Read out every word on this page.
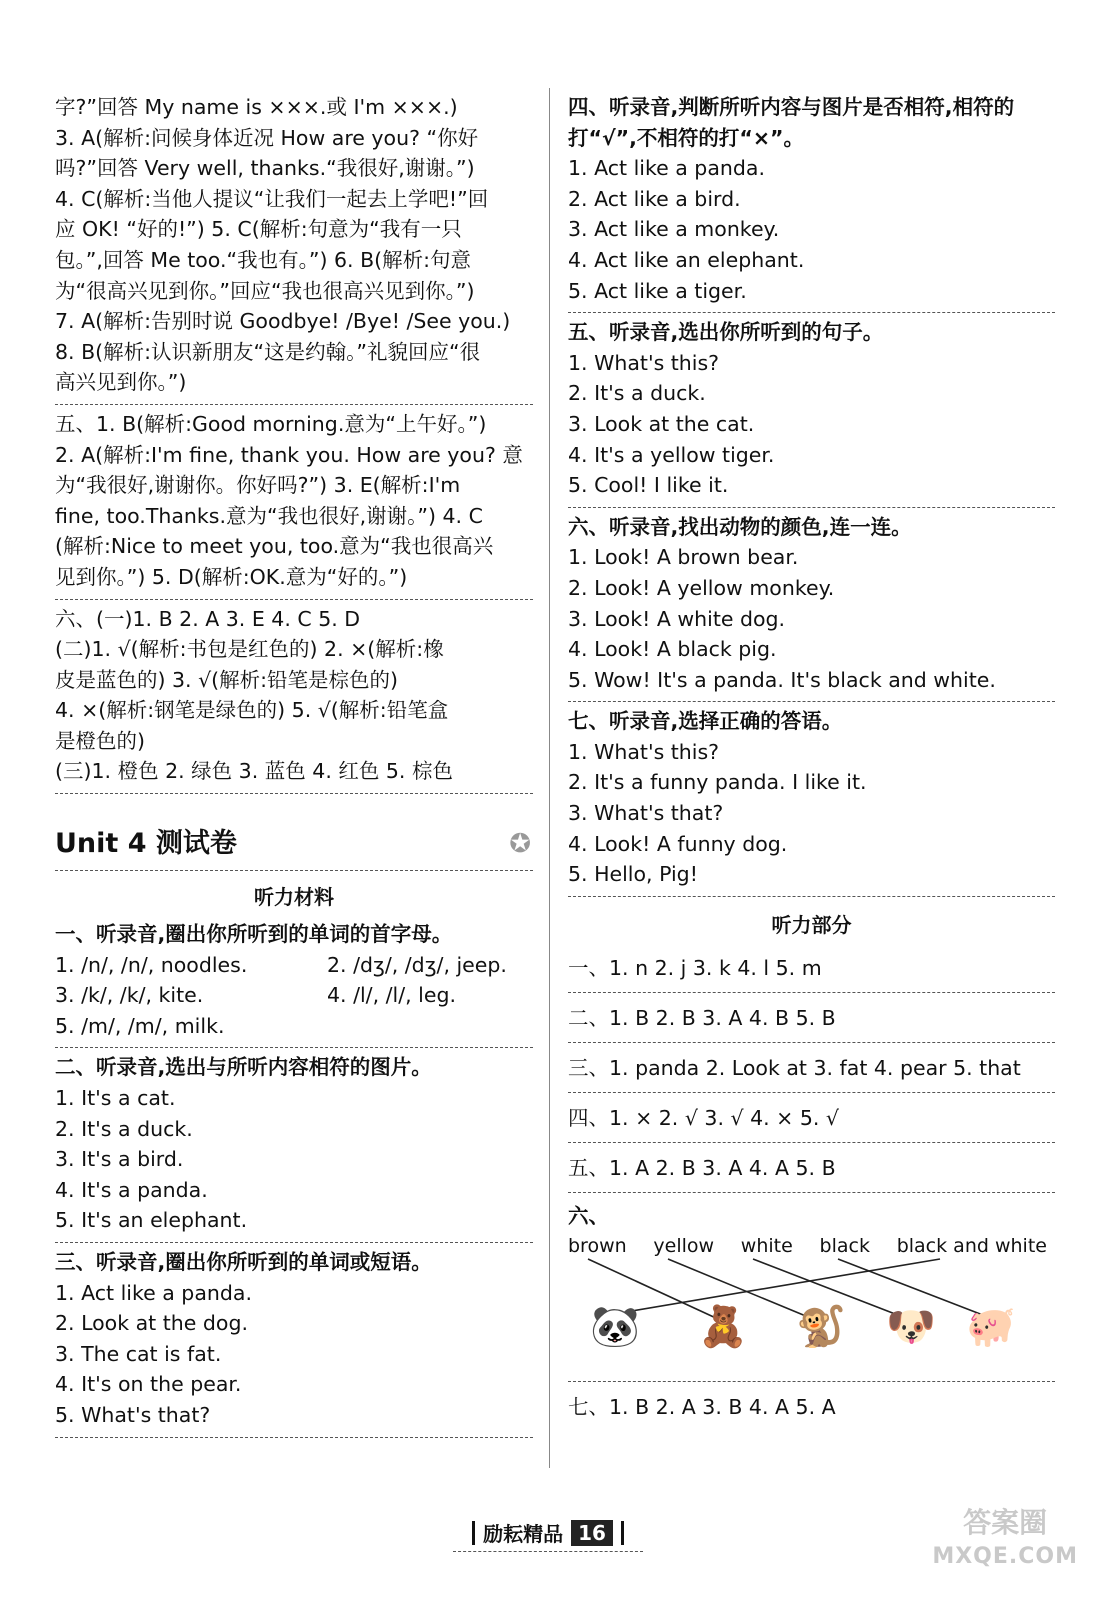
字?”回答 My name is ×××.或 I'm ×××.)
3. A(解析:问候身体近况 How are you? “你好
吗?”回答 Very well, thanks.“我很好,谢谢。”)
4. C(解析:当他人提议“让我们一起去上学吧!”回
应 OK! “好的!”) 5. C(解析:句意为“我有一只
包。”,回答 Me too.“我也有。”) 6. B(解析:句意
为“很高兴见到你。”回应“我也很高兴见到你。”)
7. A(解析:告别时说 Goodbye! /Bye! /See you.)
8. B(解析:认识新朋友“这是约翰。”礼貌回应“很
高兴见到你。”)
五、1. B(解析:Good morning.意为“上午好。”)
2. A(解析:I'm fine, thank you. How are you? 意
为“我很好,谢谢你。你好吗?”) 3. E(解析:I'm
fine, too.Thanks.意为“我也很好,谢谢。”) 4. C
(解析:Nice to meet you, too.意为“我也很高兴
见到你。”) 5. D(解析:OK.意为“好的。”)
六、(一)1. B 2. A 3. E 4. C 5. D
(二)1. √(解析:书包是红色的) 2. ×(解析:橡
皮是蓝色的) 3. √(解析:铅笔是棕色的)
4. ×(解析:钢笔是绿色的) 5. √(解析:铅笔盒
是橙色的)
(三)1. 橙色 2. 绿色 3. 蓝色 4. 红色 5. 棕色
Unit 4 测试卷	✪
听力材料
一、听录音,圈出你所听到的单词的首字母。
1. /n/, /n/, noodles.	2. /dʒ/, /dʒ/, jeep.
3. /k/, /k/, kite.	4. /l/, /l/, leg.
5. /m/, /m/, milk.
二、听录音,选出与所听内容相符的图片。
1. It's a cat.
2. It's a duck.
3. It's a bird.
4. It's a panda.
5. It's an elephant.
三、听录音,圈出你所听到的单词或短语。
1. Act like a panda.
2. Look at the dog.
3. The cat is fat.
4. It's on the pear.
5. What's that?
四、听录音,判断所听内容与图片是否相符,相符的
打“√”,不相符的打“×”。
1. Act like a panda.
2. Act like a bird.
3. Act like a monkey.
4. Act like an elephant.
5. Act like a tiger.
五、听录音,选出你所听到的句子。
1. What's this?
2. It's a duck.
3. Look at the cat.
4. It's a yellow tiger.
5. Cool! I like it.
六、听录音,找出动物的颜色,连一连。
1. Look! A brown bear.
2. Look! A yellow monkey.
3. Look! A white dog.
4. Look! A black pig.
5. Wow! It's a panda. It's black and white.
七、听录音,选择正确的答语。
1. What's this?
2. It's a funny panda. I like it.
3. What's that?
4. Look! A funny dog.
5. Hello, Pig!
听力部分
一、1. n 2. j 3. k 4. l 5. m
二、1. B 2. B 3. A 4. B 5. B
三、1. panda 2. Look at 3. fat 4. pear 5. that
四、1. × 2. √ 3. √ 4. × 5. √
五、1. A 2. B 3. A 4. A 5. B
六、
brown yellow white black black and white
🐼 🧸 🐒 🐶 🐖
七、1. B 2. A 3. B 4. A 5. A
励耘精品 16	答案圈
MXQE.COM
